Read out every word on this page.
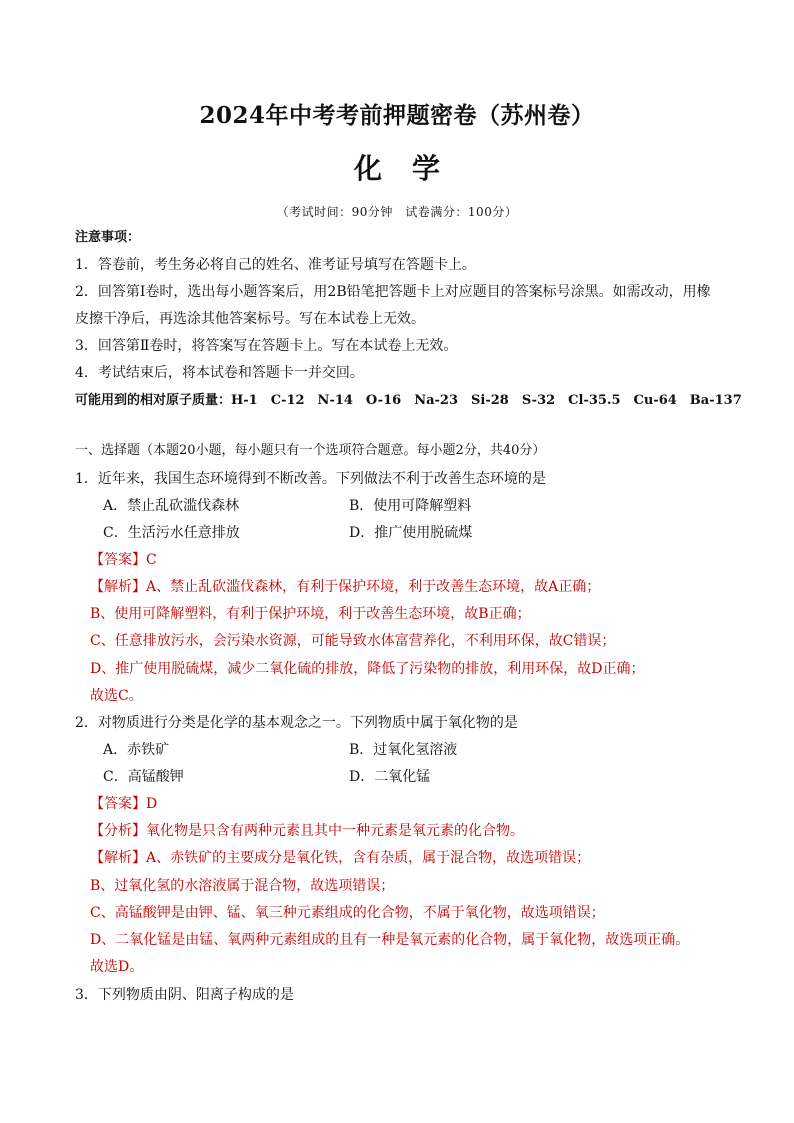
2024年中考考前押题密卷（苏州卷）
化学
（考试时间：90分钟　试卷满分：100分）
注意事项：
1．答卷前，考生务必将自己的姓名、准考证号填写在答题卡上。
2．回答第Ⅰ卷时，选出每小题答案后，用2B铅笔把答题卡上对应题目的答案标号涂黑。如需改动，用橡
皮擦干净后，再选涂其他答案标号。写在本试卷上无效。
3．回答第Ⅱ卷时，将答案写在答题卡上。写在本试卷上无效。
4．考试结束后，将本试卷和答题卡一并交回。
可能用到的相对原子质量：H-1　C-12　N-14　O-16　Na-23　Si-28　S-32　Cl-35.5　Cu-64　Ba-137
一、选择题（本题20小题，每小题只有一个选项符合题意。每小题2分，共40分）
1．近年来，我国生态环境得到不断改善。下列做法不利于改善生态环境的是
A．禁止乱砍滥伐森林	B．使用可降解塑料
C．生活污水任意排放	D．推广使用脱硫煤
【答案】C
【解析】A、禁止乱砍滥伐森林，有利于保护环境，利于改善生态环境，故A正确；
B、使用可降解塑料，有利于保护环境，利于改善生态环境，故B正确；
C、任意排放污水，会污染水资源，可能导致水体富营养化，不利用环保，故C错误；
D、推广使用脱硫煤，减少二氧化硫的排放，降低了污染物的排放，利用环保，故D正确；
故选C。
2．对物质进行分类是化学的基本观念之一。下列物质中属于氧化物的是
A．赤铁矿	B．过氧化氢溶液
C．高锰酸钾	D．二氧化锰
【答案】D
【分析】氧化物是只含有两种元素且其中一种元素是氧元素的化合物。
【解析】A、赤铁矿的主要成分是氧化铁，含有杂质，属于混合物，故选项错误；
B、过氧化氢的水溶液属于混合物，故选项错误；
C、高锰酸钾是由钾、锰、氧三种元素组成的化合物，不属于氧化物，故选项错误；
D、二氧化锰是由锰、氧两种元素组成的且有一种是氧元素的化合物，属于氧化物，故选项正确。
故选D。
3．下列物质由阴、阳离子构成的是
